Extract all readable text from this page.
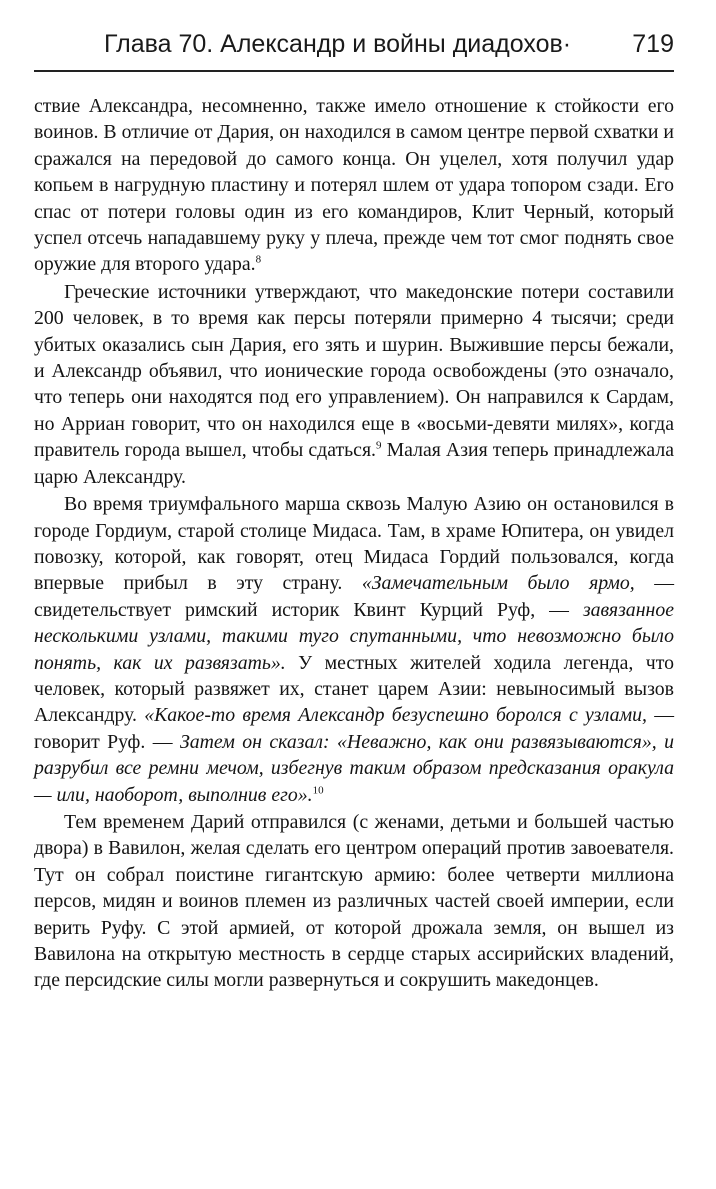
Глава 70. Александр и войны диадохов· 719

ствие Александра, несомненно, также имело отношение к стойкости его воинов. В отличие от Дария, он находился в самом центре первой схватки и сражался на передовой до самого конца. Он уцелел, хотя получил удар копьем в нагрудную пластину и потерял шлем от удара топором сзади. Его спас от потери головы один из его командиров, Клит Черный, который успел отсечь нападавшему руку у плеча, прежде чем тот смог поднять свое оружие для второго удара.$^8$

Греческие источники утверждают, что македонские потери составили 200 человек, в то время как персы потеряли примерно 4 тысячи; среди убитых оказались сын Дария, его зять и шурин. Выжившие персы бежали, и Александр объявил, что ионические города освобождены (это означало, что теперь они находятся под его управлением). Он направился к Сардам, но Арриан говорит, что он находился еще в «восьми-девяти милях», когда правитель города вышел, чтобы сдаться.$^9$ Малая Азия теперь принадлежала царю Александру.

Во время триумфального марша сквозь Малую Азию он остановился в городе Гордиум, старой столице Мидаса. Там, в храме Юпитера, он увидел повозку, которой, как говорят, отец Мидаса Гордий пользовался, когда впервые прибыл в эту страну. «Замечательным было ярмо, — свидетельствует римский историк Квинт Курций Руф, — завязанное несколькими узлами, такими туго спутанными, что невозможно было понять, как их развязать». У местных жителей ходила легенда, что человек, который развяжет их, станет царем Азии: невыносимый вызов Александру. «Какое-то время Александр безуспешно боролся с узлами, — говорит Руф. — Затем он сказал: «Неважно, как они развязываются», и разрубил все ремни мечом, избегнув таким образом предсказания оракула — или, наоборот, выполнив его».$^{10}$

Тем временем Дарий отправился (с женами, детьми и большей частью двора) в Вавилон, желая сделать его центром операций против завоевателя. Тут он собрал поистине гигантскую армию: более четверти миллиона персов, мидян и воинов племен из различных частей своей империи, если верить Руфу. С этой армией, от которой дрожала земля, он вышел из Вавилона на открытую местность в сердце старых ассирийских владений, где персидские силы могли развернуться и сокрушить македонцев.
